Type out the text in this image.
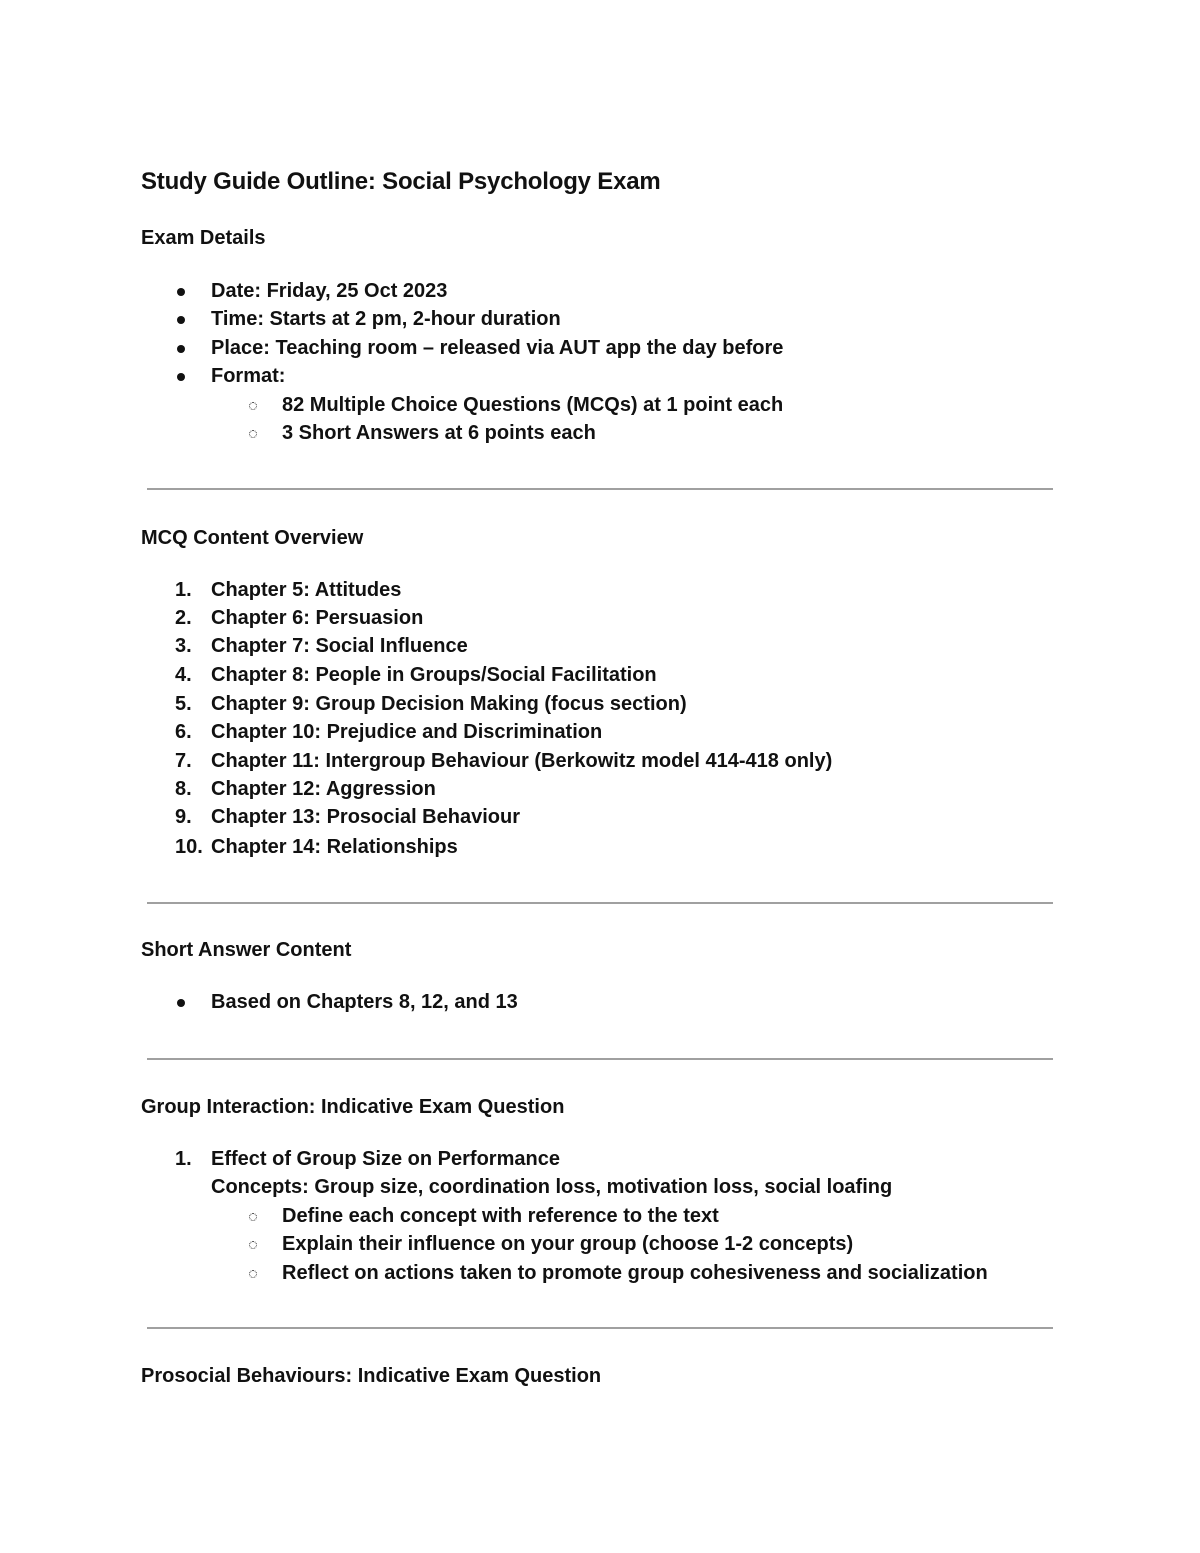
Study Guide Outline: Social Psychology Exam
Exam Details
Date: Friday, 25 Oct 2023
Time: Starts at 2 pm, 2-hour duration
Place: Teaching room – released via AUT app the day before
Format:
82 Multiple Choice Questions (MCQs) at 1 point each
3 Short Answers at 6 points each
MCQ Content Overview
1. Chapter 5: Attitudes
2. Chapter 6: Persuasion
3. Chapter 7: Social Influence
4. Chapter 8: People in Groups/Social Facilitation
5. Chapter 9: Group Decision Making (focus section)
6. Chapter 10: Prejudice and Discrimination
7. Chapter 11: Intergroup Behaviour (Berkowitz model 414-418 only)
8. Chapter 12: Aggression
9. Chapter 13: Prosocial Behaviour
10. Chapter 14: Relationships
Short Answer Content
Based on Chapters 8, 12, and 13
Group Interaction: Indicative Exam Question
1. Effect of Group Size on Performance
Concepts: Group size, coordination loss, motivation loss, social loafing
Define each concept with reference to the text
Explain their influence on your group (choose 1-2 concepts)
Reflect on actions taken to promote group cohesiveness and socialization
Prosocial Behaviours: Indicative Exam Question
